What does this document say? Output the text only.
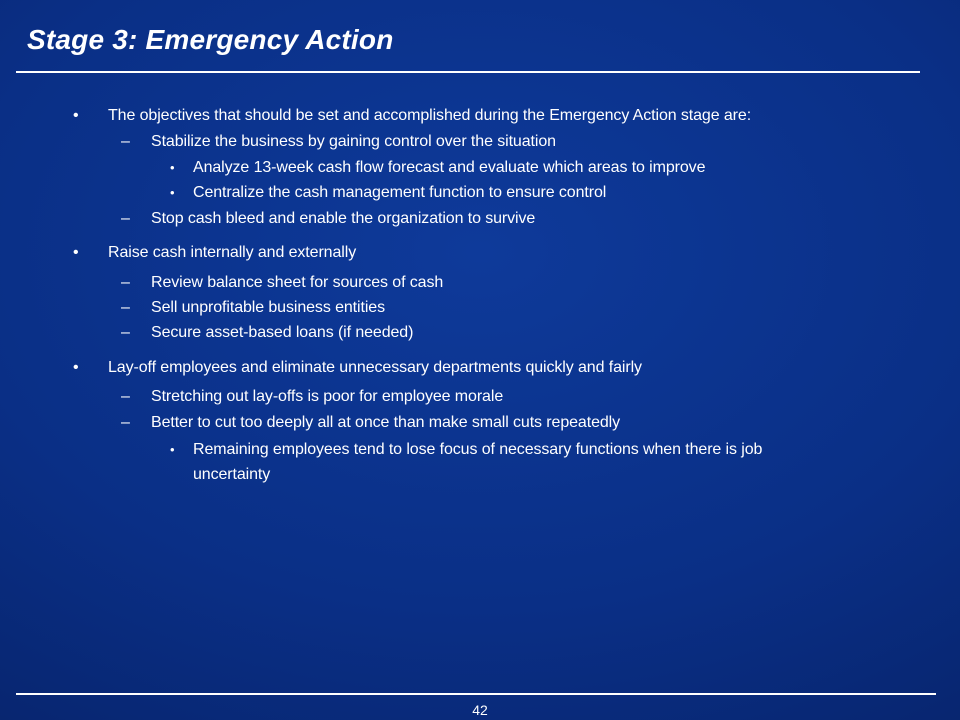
Stage 3: Emergency Action
• The objectives that should be set and accomplished during the Emergency Action stage are:
– Stabilize the business by gaining control over the situation
• Analyze 13-week cash flow forecast and evaluate which areas to improve
• Centralize the cash management function to ensure control
– Stop cash bleed and enable the organization to survive
• Raise cash internally and externally
– Review balance sheet for sources of cash
– Sell unprofitable business entities
– Secure asset-based loans (if needed)
• Lay-off employees and eliminate unnecessary departments quickly and fairly
– Stretching out lay-offs is poor for employee morale
– Better to cut too deeply all at once than make small cuts repeatedly
• Remaining employees tend to lose focus of necessary functions when there is job
uncertainty
42
